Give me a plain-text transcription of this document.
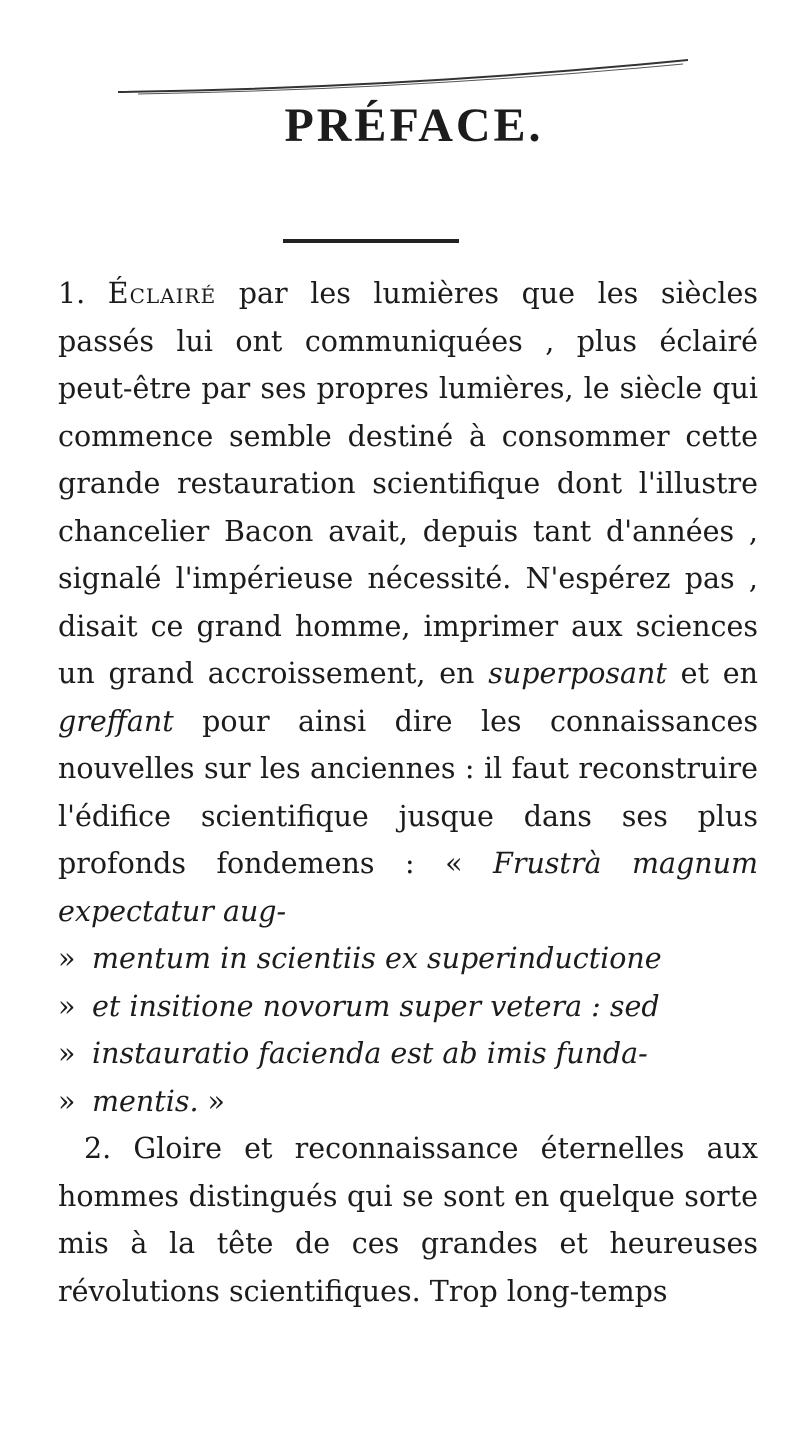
PRÉFACE.

1. Éclairé par les lumières que les siècles passés lui ont communiquées , plus éclairé peut-être par ses propres lumières, le siècle qui commence semble destiné à consommer cette grande restauration scientifique dont l'illustre chancelier Bacon avait, depuis tant d'années , signalé l'impérieuse nécessité. N'espérez pas , disait ce grand homme, imprimer aux sciences un grand accroissement, en superposant et en greffant pour ainsi dire les connaissances nouvelles sur les anciennes : il faut reconstruire l'édifice scientifique jusque dans ses plus profonds fondemens : « Frustrà magnum expectatur aug-
» mentum in scientiis ex superinductione
» et insitione novorum super vetera : sed
» instauratio facienda est ab imis funda-
» mentis. »

2. Gloire et reconnaissance éternelles aux hommes distingués qui se sont en quelque sorte mis à la tête de ces grandes et heureuses révolutions scientifiques. Trop long-temps
